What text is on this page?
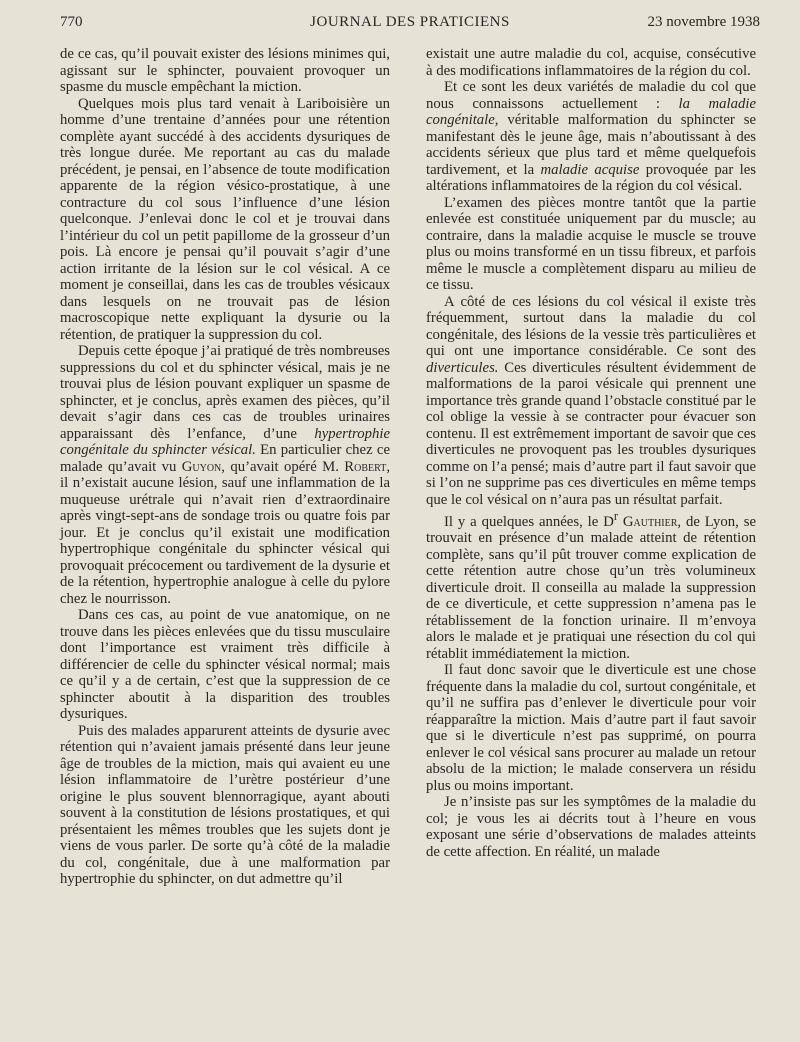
770	JOURNAL DES PRATICIENS	23 novembre 1938

de ce cas, qu’il pouvait exister des lésions minimes qui, agissant sur le sphincter, pouvaient provoquer un spasme du muscle empêchant la miction.

Quelques mois plus tard venait à Lariboisière un homme d’une trentaine d’années pour une rétention complète ayant succédé à des accidents dysuriques de très longue durée. Me reportant au cas du malade précédent, je pensai, en l’absence de toute modification apparente de la région vésico-prostatique, à une contracture du col sous l’influence d’une lésion quelconque. J’enlevai donc le col et je trouvai dans l’intérieur du col un petit papillome de la grosseur d’un pois. Là encore je pensai qu’il pouvait s’agir d’une action irritante de la lésion sur le col vésical. A ce moment je conseillai, dans les cas de troubles vésicaux dans lesquels on ne trouvait pas de lésion macroscopique nette expliquant la dysurie ou la rétention, de pratiquer la suppression du col.

Depuis cette époque j’ai pratiqué de très nombreuses suppressions du col et du sphincter vésical, mais je ne trouvai plus de lésion pouvant expliquer un spasme de sphincter, et je conclus, après examen des pièces, qu’il devait s’agir dans ces cas de troubles urinaires apparaissant dès l’enfance, d’une hypertrophie congénitale du sphincter vésical. En particulier chez ce malade qu’avait vu Guyon, qu’avait opéré M. Robert, il n’existait aucune lésion, sauf une inflammation de la muqueuse urétrale qui n’avait rien d’extraordinaire après vingt-sept-ans de sondage trois ou quatre fois par jour. Et je conclus qu’il existait une modification hypertrophique congénitale du sphincter vésical qui provoquait précocement ou tardivement de la dysurie et de la rétention, hypertrophie analogue à celle du pylore chez le nourrisson.

Dans ces cas, au point de vue anatomique, on ne trouve dans les pièces enlevées que du tissu musculaire dont l’importance est vraiment très difficile à différencier de celle du sphincter vésical normal; mais ce qu’il y a de certain, c’est que la suppression de ce sphincter aboutit à la disparition des troubles dysuriques.

Puis des malades apparurent atteints de dysurie avec rétention qui n’avaient jamais présenté dans leur jeune âge de troubles de la miction, mais qui avaient eu une lésion inflammatoire de l’urètre postérieur d’une origine le plus souvent blennorragique, ayant abouti souvent à la constitution de lésions prostatiques, et qui présentaient les mêmes troubles que les sujets dont je viens de vous parler. De sorte qu’à côté de la maladie du col, congénitale, due à une malformation par hypertrophie du sphincter, on dut admettre qu’il

existait une autre maladie du col, acquise, consécutive à des modifications inflammatoires de la région du col.

Et ce sont les deux variétés de maladie du col que nous connaissons actuellement : la maladie congénitale, véritable malformation du sphincter se manifestant dès le jeune âge, mais n’aboutissant à des accidents sérieux que plus tard et même quelquefois tardivement, et la maladie acquise provoquée par les altérations inflammatoires de la région du col vésical.

L’examen des pièces montre tantôt que la partie enlevée est constituée uniquement par du muscle; au contraire, dans la maladie acquise le muscle se trouve plus ou moins transformé en un tissu fibreux, et parfois même le muscle a complètement disparu au milieu de ce tissu.

A côté de ces lésions du col vésical il existe très fréquemment, surtout dans la maladie du col congénitale, des lésions de la vessie très particulières et qui ont une importance considérable. Ce sont des diverticules. Ces diverticules résultent évidemment de malformations de la paroi vésicale qui prennent une importance très grande quand l’obstacle constitué par le col oblige la vessie à se contracter pour évacuer son contenu. Il est extrêmement important de savoir que ces diverticules ne provoquent pas les troubles dysuriques comme on l’a pensé; mais d’autre part il faut savoir que si l’on ne supprime pas ces diverticules en même temps que le col vésical on n’aura pas un résultat parfait.

Il y a quelques années, le $D^r$ Gauthier, de Lyon, se trouvait en présence d’un malade atteint de rétention complète, sans qu’il pût trouver comme explication de cette rétention autre chose qu’un très volumineux diverticule droit. Il conseilla au malade la suppression de ce diverticule, et cette suppression n’amena pas le rétablissement de la fonction urinaire. Il m’envoya alors le malade et je pratiquai une résection du col qui rétablit immédiatement la miction.

Il faut donc savoir que le diverticule est une chose fréquente dans la maladie du col, surtout congénitale, et qu’il ne suffira pas d’enlever le diverticule pour voir réapparaître la miction. Mais d’autre part il faut savoir que si le diverticule n’est pas supprimé, on pourra enlever le col vésical sans procurer au malade un retour absolu de la miction; le malade conservera un résidu plus ou moins important.

Je n’insiste pas sur les symptômes de la maladie du col; je vous les ai décrits tout à l’heure en vous exposant une série d’observations de malades atteints de cette affection. En réalité, un malade
